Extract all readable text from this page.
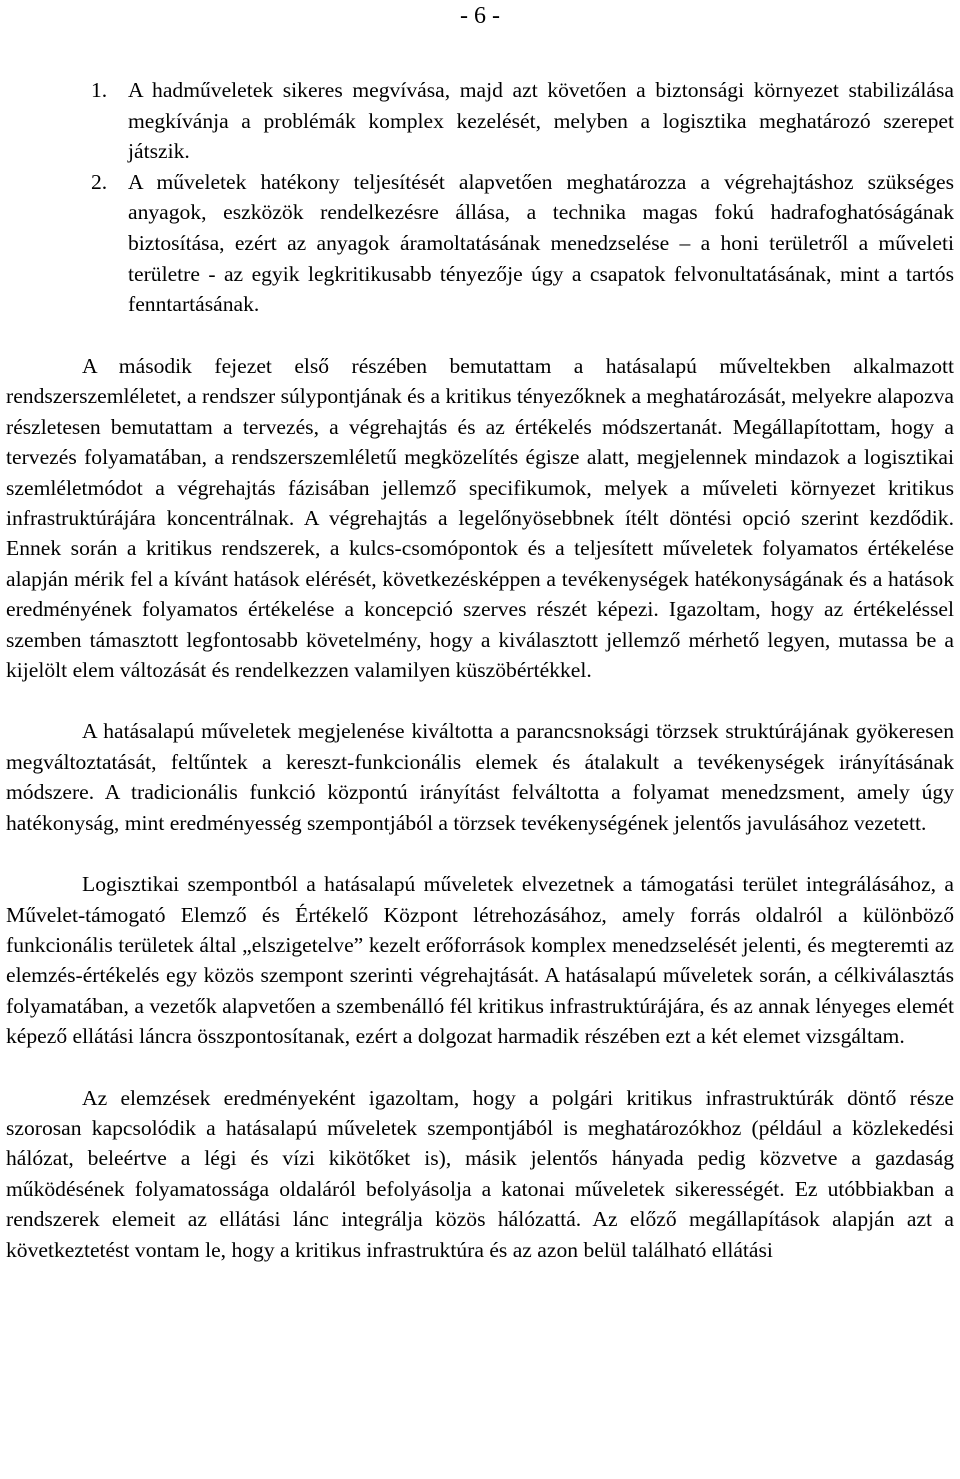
- 6 -
1. A hadműveletek sikeres megvívása, majd azt követően a biztonsági környezet stabilizálása megkívánja a problémák komplex kezelését, melyben a logisztika meghatározó szerepet játszik.
2. A műveletek hatékony teljesítését alapvetően meghatározza a végrehajtáshoz szükséges anyagok, eszközök rendelkezésre állása, a technika magas fokú hadrafoghatóságának biztosítása, ezért az anyagok áramoltatásának menedzselése – a honi területről a műveleti területre - az egyik legkritikusabb tényezője úgy a csapatok felvonultatásának, mint a tartós fenntartásának.

A második fejezet első részében bemutattam a hatásalapú műveltekben alkalmazott rendszerszemléletet, a rendszer súlypontjának és a kritikus tényezőknek a meghatározását, melyekre alapozva részletesen bemutattam a tervezés, a végrehajtás és az értékelés módszertanát. Megállapítottam, hogy a tervezés folyamatában, a rendszerszemléletű megközelítés égisze alatt, megjelennek mindazok a logisztikai szemléletmódot a végrehajtás fázisában jellemző specifikumok, melyek a műveleti környezet kritikus infrastruktúrájára koncentrálnak. A végrehajtás a legelőnyösebbnek ítélt döntési opció szerint kezdődik. Ennek során a kritikus rendszerek, a kulcs-csomópontok és a teljesített műveletek folyamatos értékelése alapján mérik fel a kívánt hatások elérését, következésképpen a tevékenységek hatékonyságának és a hatások eredményének folyamatos értékelése a koncepció szerves részét képezi. Igazoltam, hogy az értékeléssel szemben támasztott legfontosabb követelmény, hogy a kiválasztott jellemző mérhető legyen, mutassa be a kijelölt elem változását és rendelkezzen valamilyen küszöbértékkel.

A hatásalapú műveletek megjelenése kiváltotta a parancsnoksági törzsek struktúrájának gyökeresen megváltoztatását, feltűntek a kereszt-funkcionális elemek és átalakult a tevékenységek irányításának módszere. A tradicionális funkció központú irányítást felváltotta a folyamat menedzsment, amely úgy hatékonyság, mint eredményesség szempontjából a törzsek tevékenységének jelentős javulásához vezetett.

Logisztikai szempontból a hatásalapú műveletek elvezetnek a támogatási terület integrálásához, a Művelet-támogató Elemző és Értékelő Központ létrehozásához, amely forrás oldalról a különböző funkcionális területek által „elszigetelve” kezelt erőforrások komplex menedzselését jelenti, és megteremti az elemzés-értékelés egy közös szempont szerinti végrehajtását. A hatásalapú műveletek során, a célkiválasztás folyamatában, a vezetők alapvetően a szembenálló fél kritikus infrastruktúrájára, és az annak lényeges elemét képező ellátási láncra összpontosítanak, ezért a dolgozat harmadik részében ezt a két elemet vizsgáltam.

Az elemzések eredményeként igazoltam, hogy a polgári kritikus infrastruktúrák döntő része szorosan kapcsolódik a hatásalapú műveletek szempontjából is meghatározókhoz (például a közlekedési hálózat, beleértve a légi és vízi kikötőket is), másik jelentős hányada pedig közvetve a gazdaság működésének folyamatossága oldaláról befolyásolja a katonai műveletek sikerességét. Ez utóbbiakban a rendszerek elemeit az ellátási lánc integrálja közös hálózattá. Az előző megállapítások alapján azt a következtetést vontam le, hogy a kritikus infrastruktúra és az azon belül található ellátási
